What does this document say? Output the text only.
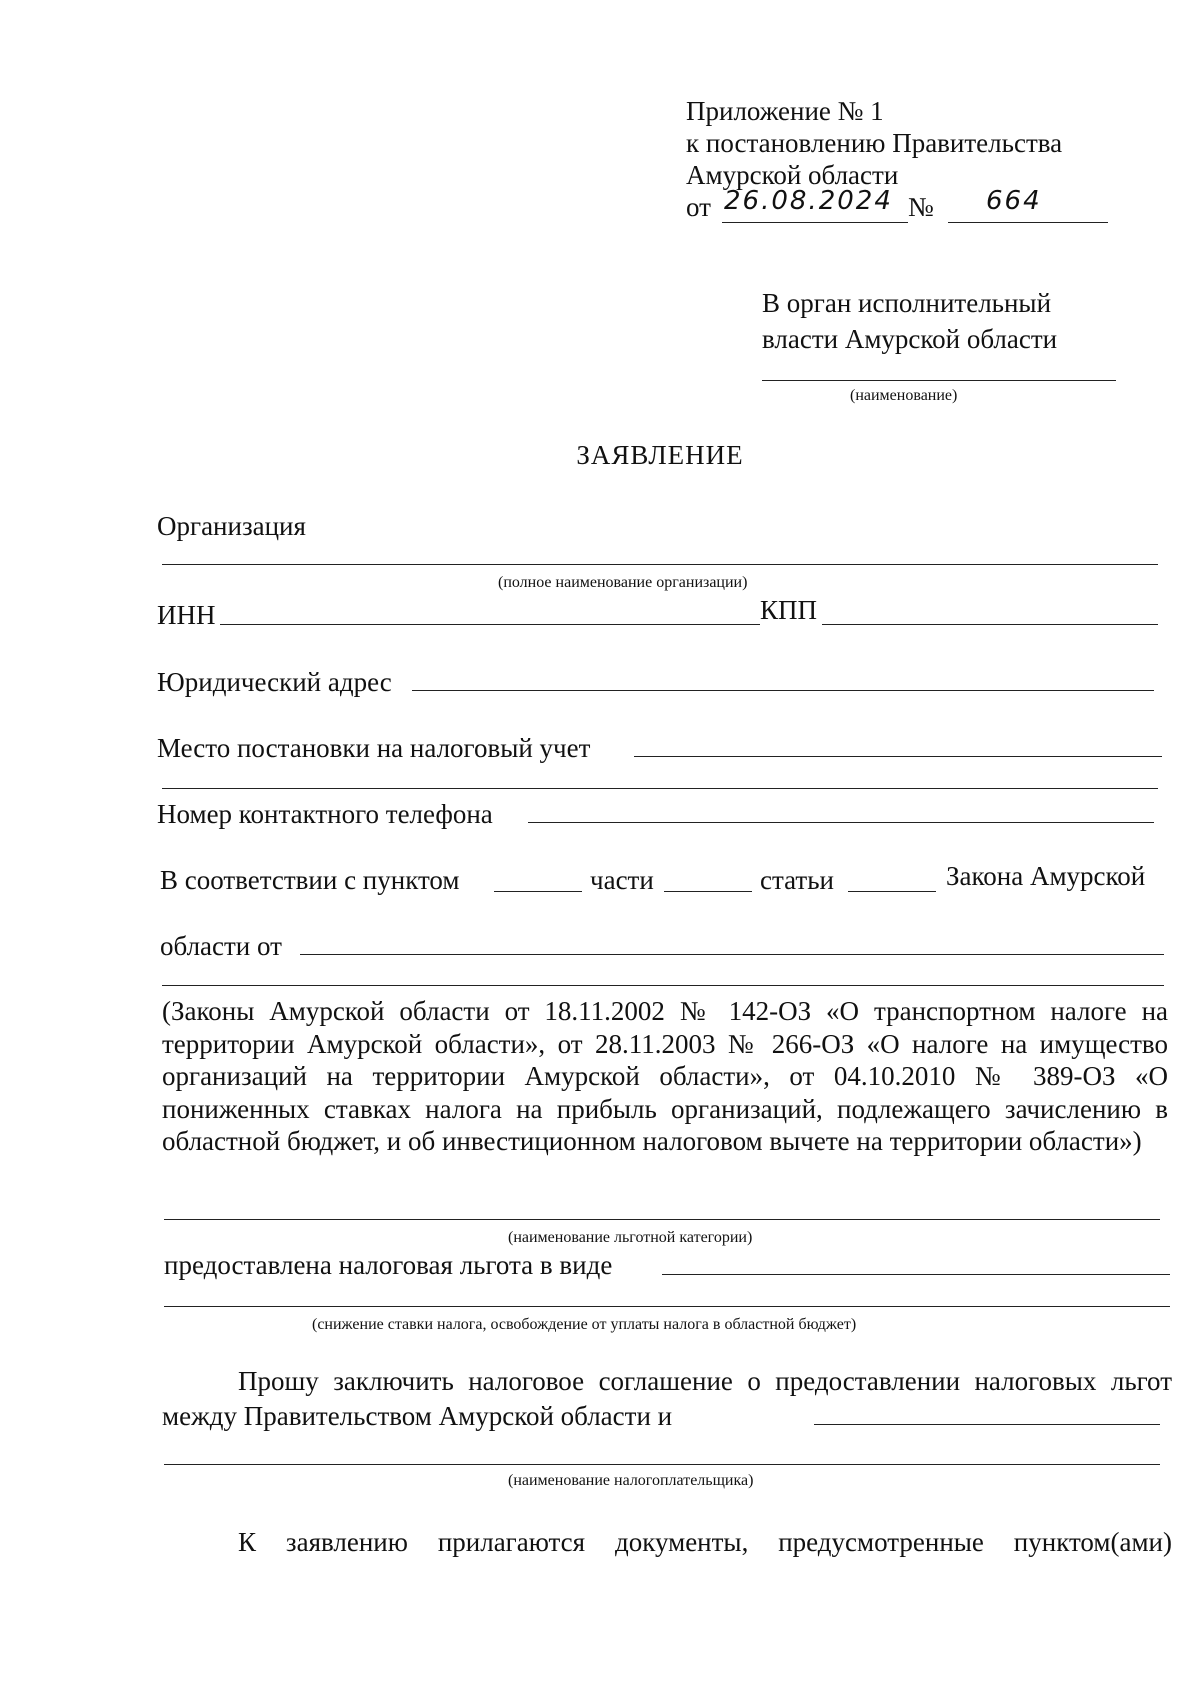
Приложение № 1
к постановлению Правительства
Амурской области
от 26.08.2024 № 664
В орган исполнительный
власти Амурской области
(наименование)
ЗАЯВЛЕНИЕ
Организация
(полное наименование организации)
ИНН	КПП
Юридический адрес
Место постановки на налоговый учет
Номер контактного телефона
В соответствии с пунктом	части	статьи	Закона Амурской
области от
(Законы Амурской области от 18.11.2002 № 142-ОЗ «О транспортном налоге на территории Амурской области», от 28.11.2003 № 266-ОЗ «О налоге на имущество организаций на территории Амурской области», от 04.10.2010 № 389-ОЗ «О пониженных ставках налога на прибыль организаций, подлежащего зачислению в областной бюджет, и об инвестиционном налоговом вычете на территории области»)
(наименование льготной категории)
предоставлена налоговая льгота в виде
(снижение ставки налога, освобождение от уплаты налога в областной бюджет)
Прошу заключить налоговое соглашение о предоставлении налоговых льгот между Правительством Амурской области и
(наименование налогоплательщика)
К заявлению прилагаются документы, предусмотренные пунктом(ами)
